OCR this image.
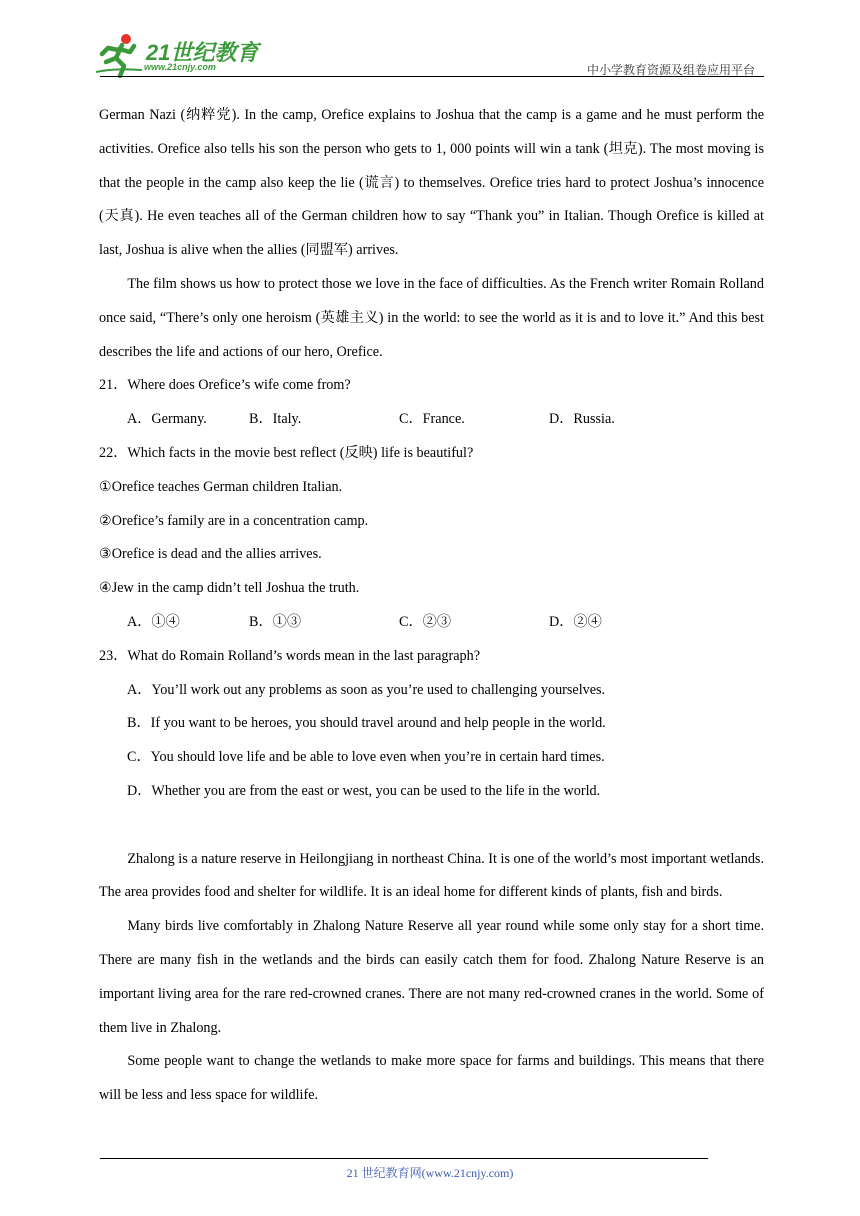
21世纪教育
www.21cnjy.com	中小学教育资源及组卷应用平台

German Nazi (纳粹党). In the camp, Orefice explains to Joshua that the camp is a game and he must perform the activities. Orefice also tells his son the person who gets to 1, 000 points will win a tank (坦克). The most moving is that the people in the camp also keep the lie (谎言) to themselves. Orefice tries hard to protect Joshua’s innocence (天真). He even teaches all of the German children how to say “Thank you” in Italian. Though Orefice is killed at last, Joshua is alive when the allies (同盟军) arrives.

The film shows us how to protect those we love in the face of difficulties. As the French writer Romain Rolland once said, “There’s only one heroism (英雄主义) in the world: to see the world as it is and to love it.” And this best describes the life and actions of our hero, Orefice.

21．Where does Orefice’s wife come from?

A．Germany.	B．Italy.	C．France.	D．Russia.

22．Which facts in the movie best reflect (反映) life is beautiful?

①Orefice teaches German children Italian.

②Orefice’s family are in a concentration camp.

③Orefice is dead and the allies arrives.

④Jew in the camp didn’t tell Joshua the truth.

A．①④	B．①③	C．②③	D．②④

23．What do Romain Rolland’s words mean in the last paragraph?

A．You’ll work out any problems as soon as you’re used to challenging yourselves.

B．If you want to be heroes, you should travel around and help people in the world.

C．You should love life and be able to love even when you’re in certain hard times.

D．Whether you are from the east or west, you can be used to the life in the world.

Zhalong is a nature reserve in Heilongjiang in northeast China. It is one of the world’s most important wetlands. The area provides food and shelter for wildlife. It is an ideal home for different kinds of plants, fish and birds.

Many birds live comfortably in Zhalong Nature Reserve all year round while some only stay for a short time. There are many fish in the wetlands and the birds can easily catch them for food. Zhalong Nature Reserve is an important living area for the rare red-crowned cranes. There are not many red-crowned cranes in the world. Some of them live in Zhalong.

Some people want to change the wetlands to make more space for farms and buildings. This means that there will be less and less space for wildlife.

21 世纪教育网(www.21cnjy.com)
